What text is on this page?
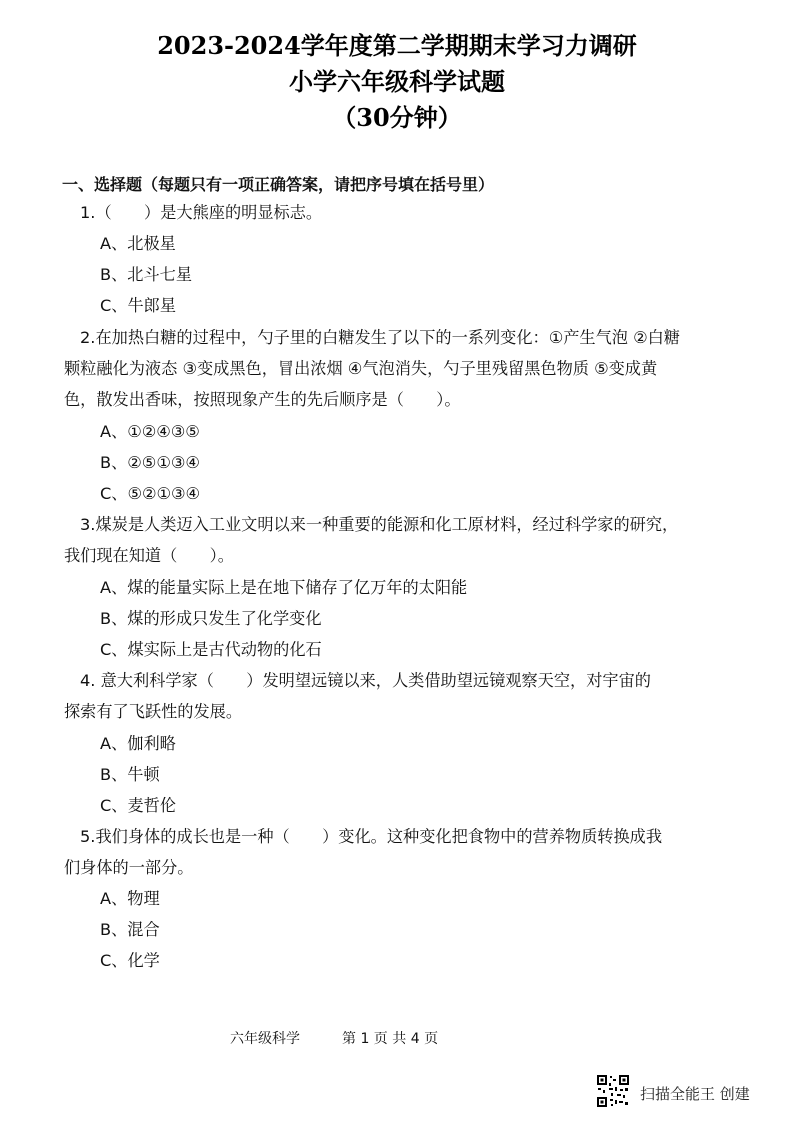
2023-2024学年度第二学期期末学习力调研
小学六年级科学试题
（30分钟）
一、选择题（每题只有一项正确答案，请把序号填在括号里）
1.（　　）是大熊座的明显标志。
A、北极星
B、北斗七星
C、牛郎星
2.在加热白糖的过程中，勺子里的白糖发生了以下的一系列变化：①产生气泡 ②白糖
颗粒融化为液态 ③变成黑色，冒出浓烟 ④气泡消失，勺子里残留黑色物质 ⑤变成黄
色，散发出香味，按照现象产生的先后顺序是（　　）。
A、①②④③⑤
B、②⑤①③④
C、⑤②①③④
3.煤炭是人类迈入工业文明以来一种重要的能源和化工原材料，经过科学家的研究，
我们现在知道（　　）。
A、煤的能量实际上是在地下储存了亿万年的太阳能
B、煤的形成只发生了化学变化
C、煤实际上是古代动物的化石
4. 意大利科学家（　　）发明望远镜以来，人类借助望远镜观察天空，对宇宙的
探索有了飞跃性的发展。
A、伽利略
B、牛顿
C、麦哲伦
5.我们身体的成长也是一种（　　）变化。这种变化把食物中的营养物质转换成我
们身体的一部分。
A、物理
B、混合
C、化学
六年级科学	第 1 页 共 4 页
扫描全能王 创建
